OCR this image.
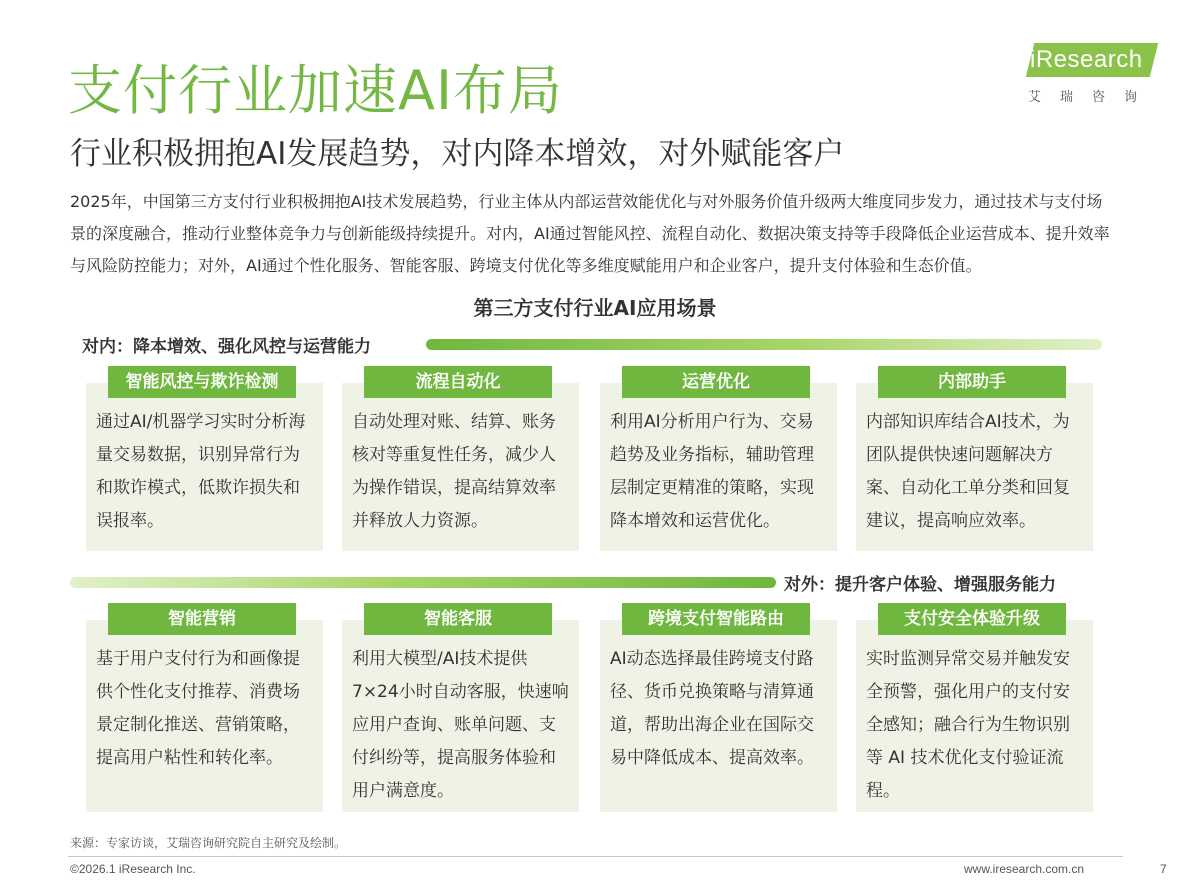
支付行业加速AI布局	iResearch
艾瑞咨询
行业积极拥抱AI发展趋势，对内降本增效，对外赋能客户

2025年，中国第三方支付行业积极拥抱AI技术发展趋势，行业主体从内部运营效能优化与对外服务价值升级两大维度同步发力，通过技术与支付场景的深度融合，推动行业整体竞争力与创新能级持续提升。对内，AI通过智能风控、流程自动化、数据决策支持等手段降低企业运营成本、提升效率与风险防控能力；对外，AI通过个性化服务、智能客服、跨境支付优化等多维度赋能用户和企业客户，提升支付体验和生态价值。

第三方支付行业AI应用场景
对内：降本增效、强化风控与运营能力
智能风控与欺诈检测
通过AI/机器学习实时分析海量交易数据，识别异常行为和欺诈模式，低欺诈损失和误报率。
流程自动化
自动处理对账、结算、账务核对等重复性任务，减少人为操作错误，提高结算效率并释放人力资源。
运营优化
利用AI分析用户行为、交易趋势及业务指标，辅助管理层制定更精准的策略，实现降本增效和运营优化。
内部助手
内部知识库结合AI技术，为团队提供快速问题解决方案、自动化工单分类和回复建议，提高响应效率。
对外：提升客户体验、增强服务能力
智能营销
基于用户支付行为和画像提供个性化支付推荐、消费场景定制化推送、营销策略，提高用户粘性和转化率。
智能客服
利用大模型/AI技术提供7×24小时自动客服，快速响应用户查询、账单问题、支付纠纷等，提高服务体验和用户满意度。
跨境支付智能路由
AI动态选择最佳跨境支付路径、货币兑换策略与清算通道，帮助出海企业在国际交易中降低成本、提高效率。
支付安全体验升级
实时监测异常交易并触发安全预警，强化用户的支付安全感知；融合行为生物识别等 AI 技术优化支付验证流程。
来源：专家访谈，艾瑞咨询研究院自主研究及绘制。
©2026.1 iResearch Inc.	www.iresearch.com.cn	7
